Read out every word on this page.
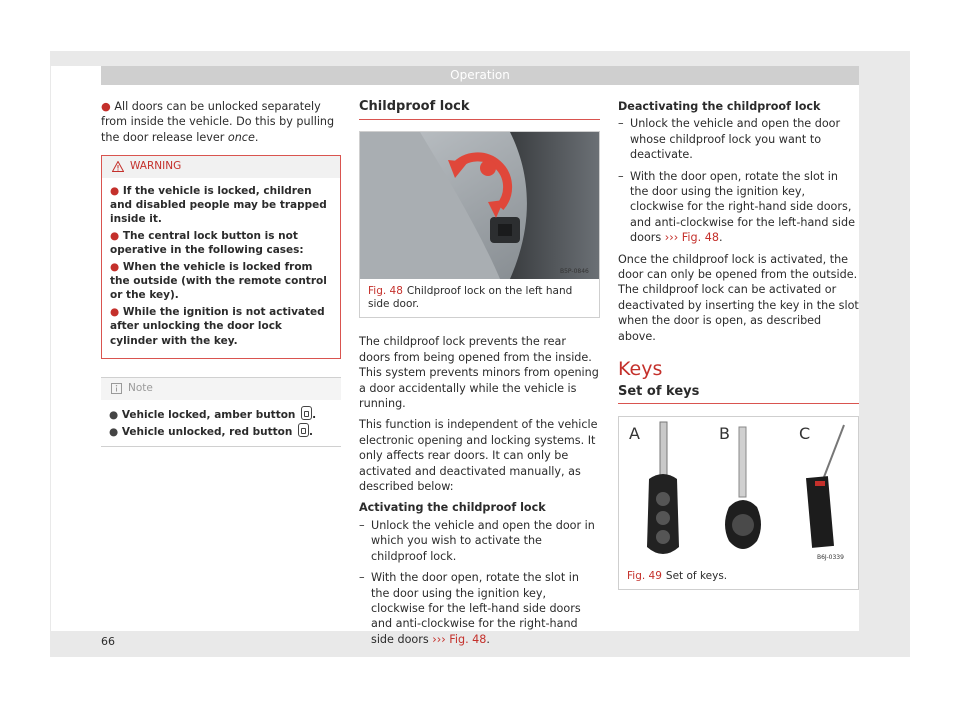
Operation

● All doors can be unlocked separately from inside the vehicle. Do this by pulling the door release lever once.

WARNING
● If the vehicle is locked, children and disabled people may be trapped inside it.
● The central lock button is not operative in the following cases:
● When the vehicle is locked from the outside (with the remote control or the key).
● While the ignition is not activated after unlocking the door lock cylinder with the key.
Note
● Vehicle locked, amber button .
● Vehicle unlocked, red button .
Childproof lock
B5P-0846
Fig. 48 Childproof lock on the left hand side door.

The childproof lock prevents the rear doors from being opened from the inside. This system prevents minors from opening a door accidentally while the vehicle is running.

This function is independent of the vehicle electronic opening and locking systems. It only affects rear doors. It can only be activated and deactivated manually, as described below:

Activating the childproof lock

– Unlock the vehicle and open the door in which you wish to activate the childproof lock.
– With the door open, rotate the slot in the door using the ignition key, clockwise for the left-hand side doors and anti-clockwise for the right-hand side doors ››› Fig. 48.

Deactivating the childproof lock

– Unlock the vehicle and open the door whose childproof lock you want to deactivate.
– With the door open, rotate the slot in the door using the ignition key, clockwise for the right-hand side doors, and anti-clockwise for the left-hand side doors ››› Fig. 48.

Once the childproof lock is activated, the door can only be opened from the outside. The childproof lock can be activated or deactivated by inserting the key in the slot when the door is open, as described above.

Keys
Set of keys
A	B	C
B6J-0339
Fig. 49 Set of keys.
66
